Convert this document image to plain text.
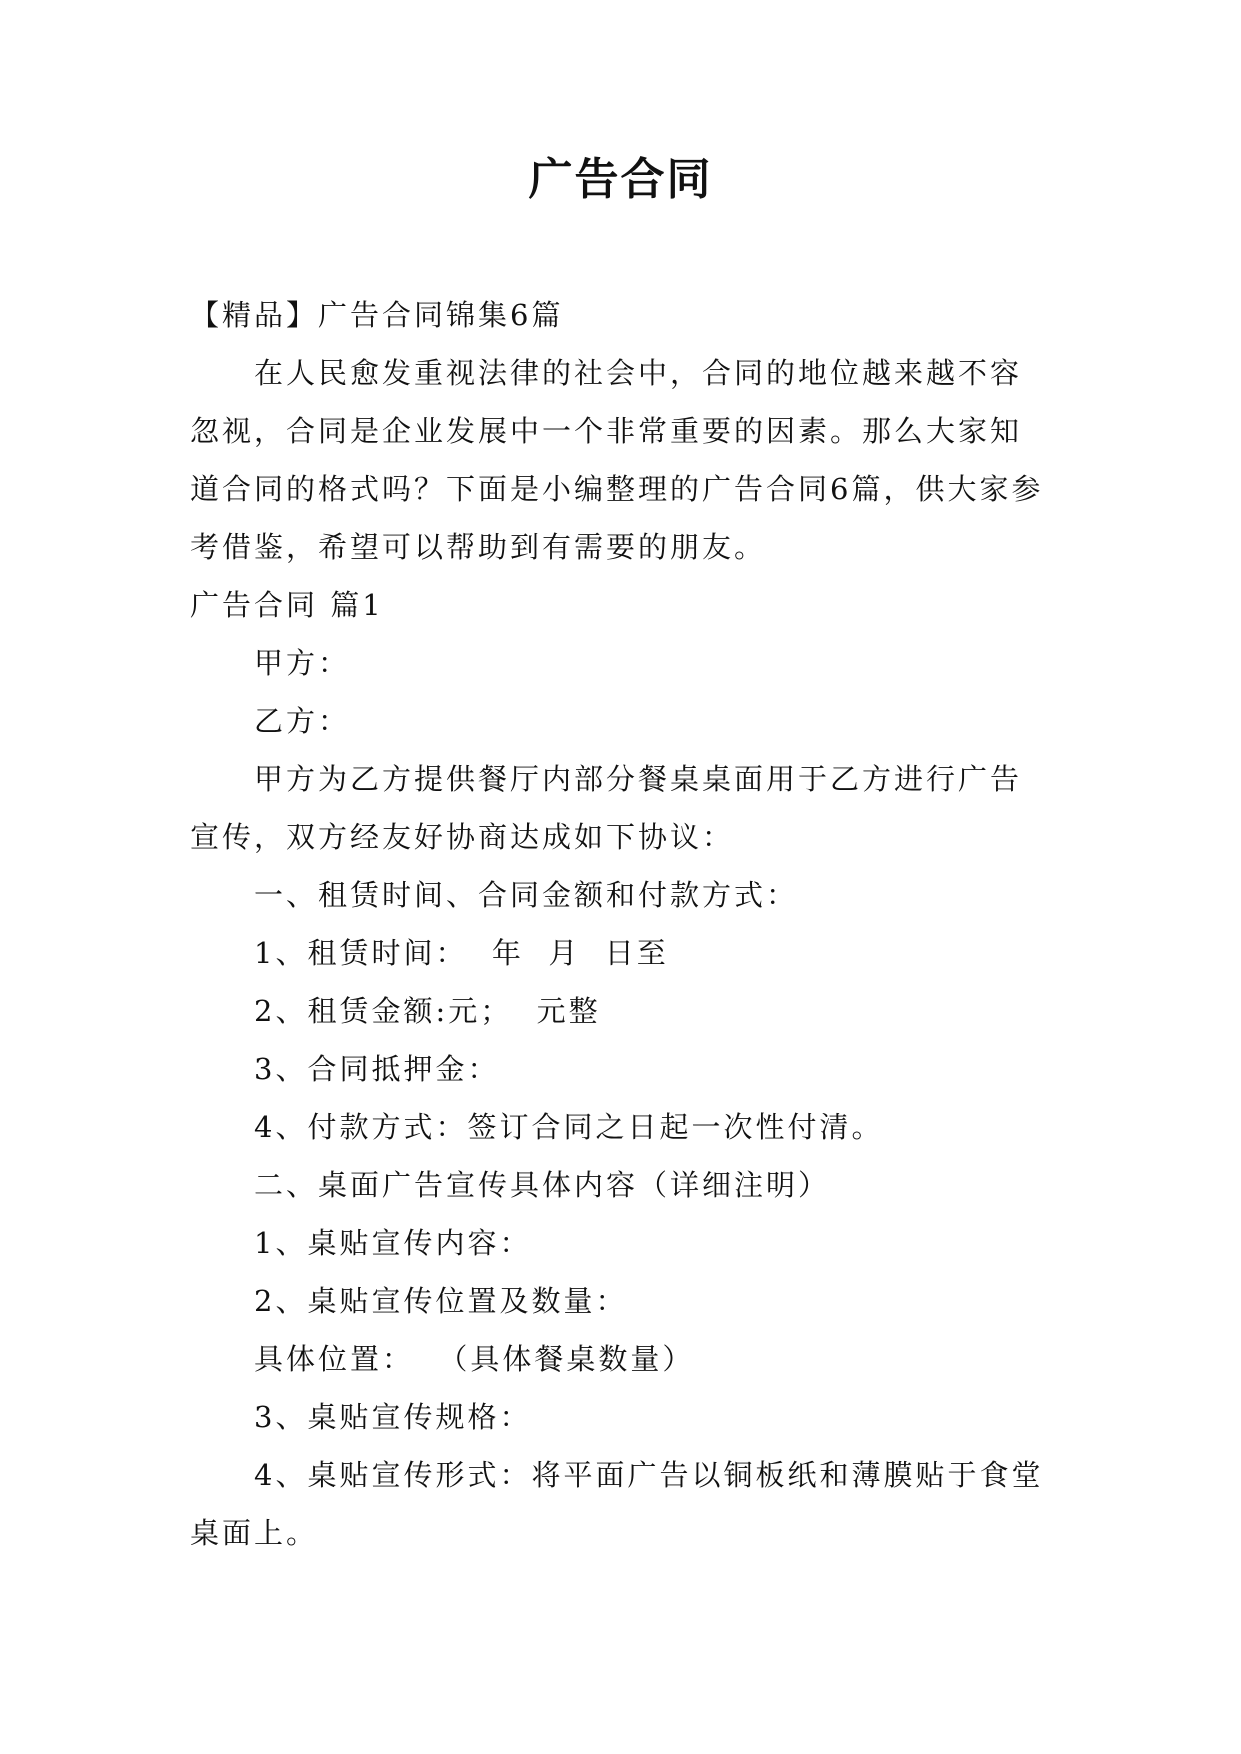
广告合同

【精品】广告合同锦集6篇

在人民愈发重视法律的社会中，合同的地位越来越不容忽视，合同是企业发展中一个非常重要的因素。那么大家知道合同的格式吗？下面是小编整理的广告合同6篇，供大家参考借鉴，希望可以帮助到有需要的朋友。

广告合同 篇1

甲方：

乙方：

甲方为乙方提供餐厅内部分餐桌桌面用于乙方进行广告宣传，双方经友好协商达成如下协议：

一、租赁时间、合同金额和付款方式：

1、租赁时间：  年  月  日至

2、租赁金额:元；  元整

3、合同抵押金：

4、付款方式：签订合同之日起一次性付清。

二、桌面广告宣传具体内容（详细注明）

1、桌贴宣传内容：

2、桌贴宣传位置及数量：

具体位置：  （具体餐桌数量）

3、桌贴宣传规格：

4、桌贴宣传形式：将平面广告以铜板纸和薄膜贴于食堂桌面上。
